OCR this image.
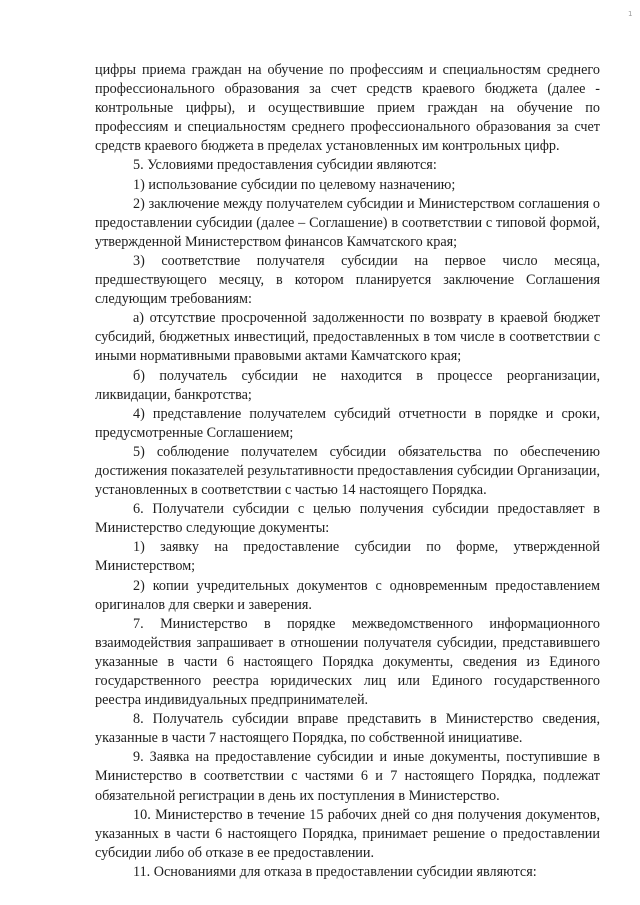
1

цифры приема граждан на обучение по профессиям и специальностям среднего профессионального образования за счет средств краевого бюджета (далее - контрольные цифры), и осуществившие прием граждан на обучение по профессиям и специальностям среднего профессионального образования за счет средств краевого бюджета в пределах установленных им контрольных цифр.

5. Условиями предоставления субсидии являются:

1) использование субсидии по целевому назначению;

2) заключение между получателем субсидии и Министерством соглашения о предоставлении субсидии (далее – Соглашение) в соответствии с типовой формой, утвержденной Министерством финансов Камчатского края;

3) соответствие получателя субсидии на первое число месяца, предшествующего месяцу, в котором планируется заключение Соглашения следующим требованиям:

а) отсутствие просроченной задолженности по возврату в краевой бюджет субсидий, бюджетных инвестиций, предоставленных в том числе в соответствии с иными нормативными правовыми актами Камчатского края;

б) получатель субсидии не находится в процессе реорганизации, ликвидации, банкротства;

4) представление получателем субсидий отчетности в порядке и сроки, предусмотренные Соглашением;

5) соблюдение получателем субсидии обязательства по обеспечению достижения показателей результативности предоставления субсидии Организации, установленных в соответствии с частью 14 настоящего Порядка.

6. Получатели субсидии с целью получения субсидии предоставляет в Министерство следующие документы:

1) заявку на предоставление субсидии по форме, утвержденной Министерством;

2) копии учредительных документов с одновременным предоставлением оригиналов для сверки и заверения.

7. Министерство в порядке межведомственного информационного взаимодействия запрашивает в отношении получателя субсидии, представившего указанные в части 6 настоящего Порядка документы, сведения из Единого государственного реестра юридических лиц или Единого государственного реестра индивидуальных предпринимателей.

8. Получатель субсидии вправе представить в Министерство сведения, указанные в части 7 настоящего Порядка, по собственной инициативе.

9. Заявка на предоставление субсидии и иные документы, поступившие в Министерство в соответствии с частями 6 и 7 настоящего Порядка, подлежат обязательной регистрации в день их поступления в Министерство.

10. Министерство в течение 15 рабочих дней со дня получения документов, указанных в части 6 настоящего Порядка, принимает решение о предоставлении субсидии либо об отказе в ее предоставлении.

11. Основаниями для отказа в предоставлении субсидии являются:
